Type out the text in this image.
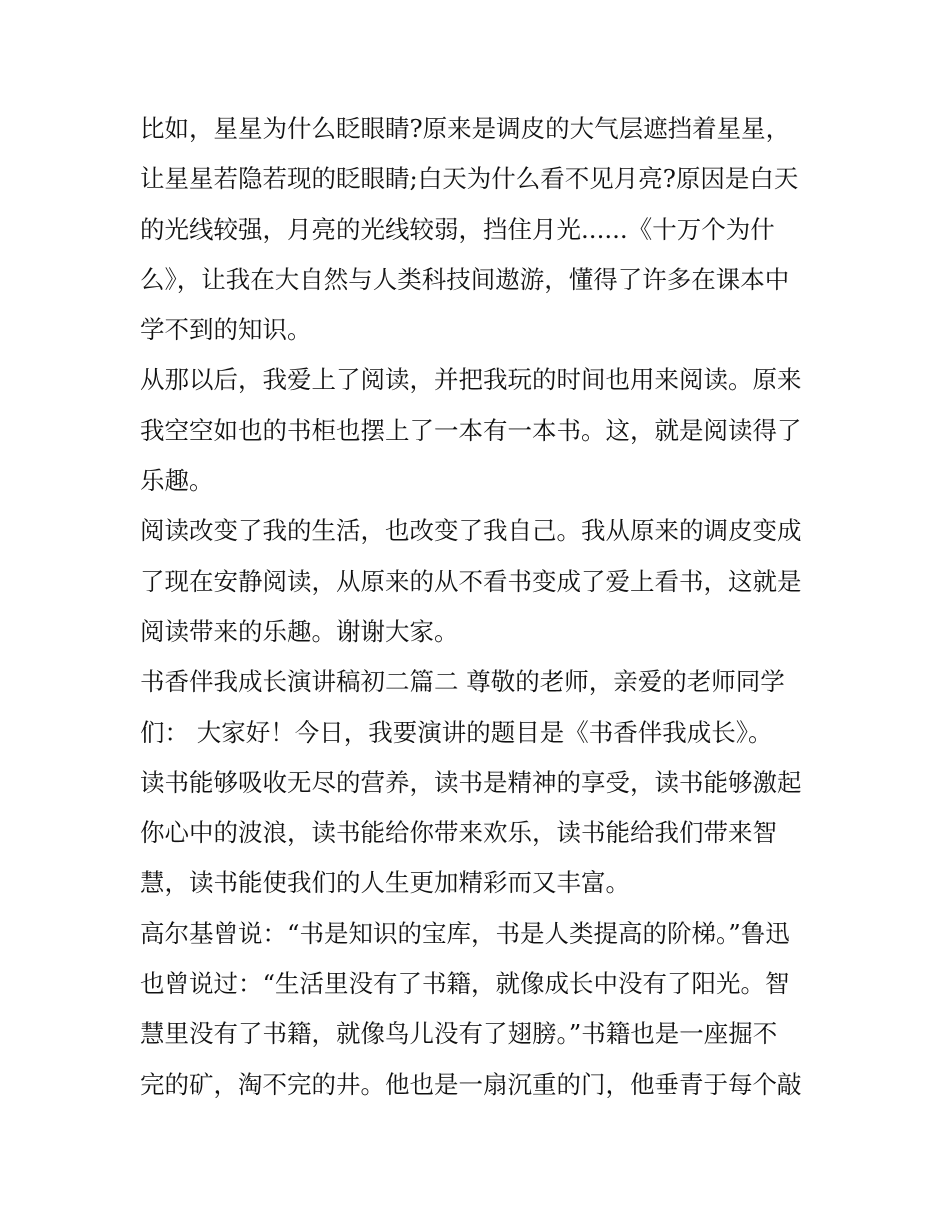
比如，星星为什么眨眼睛?原来是调皮的大气层遮挡着星星，
让星星若隐若现的眨眼睛;白天为什么看不见月亮?原因是白天
的光线较强，月亮的光线较弱，挡住月光......《十万个为什
么》，让我在大自然与人类科技间遨游，懂得了许多在课本中
学不到的知识。
从那以后，我爱上了阅读，并把我玩的时间也用来阅读。原来
我空空如也的书柜也摆上了一本有一本书。这，就是阅读得了
乐趣。
阅读改变了我的生活，也改变了我自己。我从原来的调皮变成
了现在安静阅读，从原来的从不看书变成了爱上看书，这就是
阅读带来的乐趣。谢谢大家。
书香伴我成长演讲稿初二篇二 尊敬的老师，亲爱的老师同学
们： 大家好！今日，我要演讲的题目是《书香伴我成长》。
读书能够吸收无尽的营养，读书是精神的享受，读书能够激起
你心中的波浪，读书能给你带来欢乐，读书能给我们带来智
慧，读书能使我们的人生更加精彩而又丰富。
高尔基曾说：“书是知识的宝库，书是人类提高的阶梯。”鲁迅
也曾说过：“生活里没有了书籍，就像成长中没有了阳光。智
慧里没有了书籍，就像鸟儿没有了翅膀。”书籍也是一座掘不
完的矿，淘不完的井。他也是一扇沉重的门，他垂青于每个敲
